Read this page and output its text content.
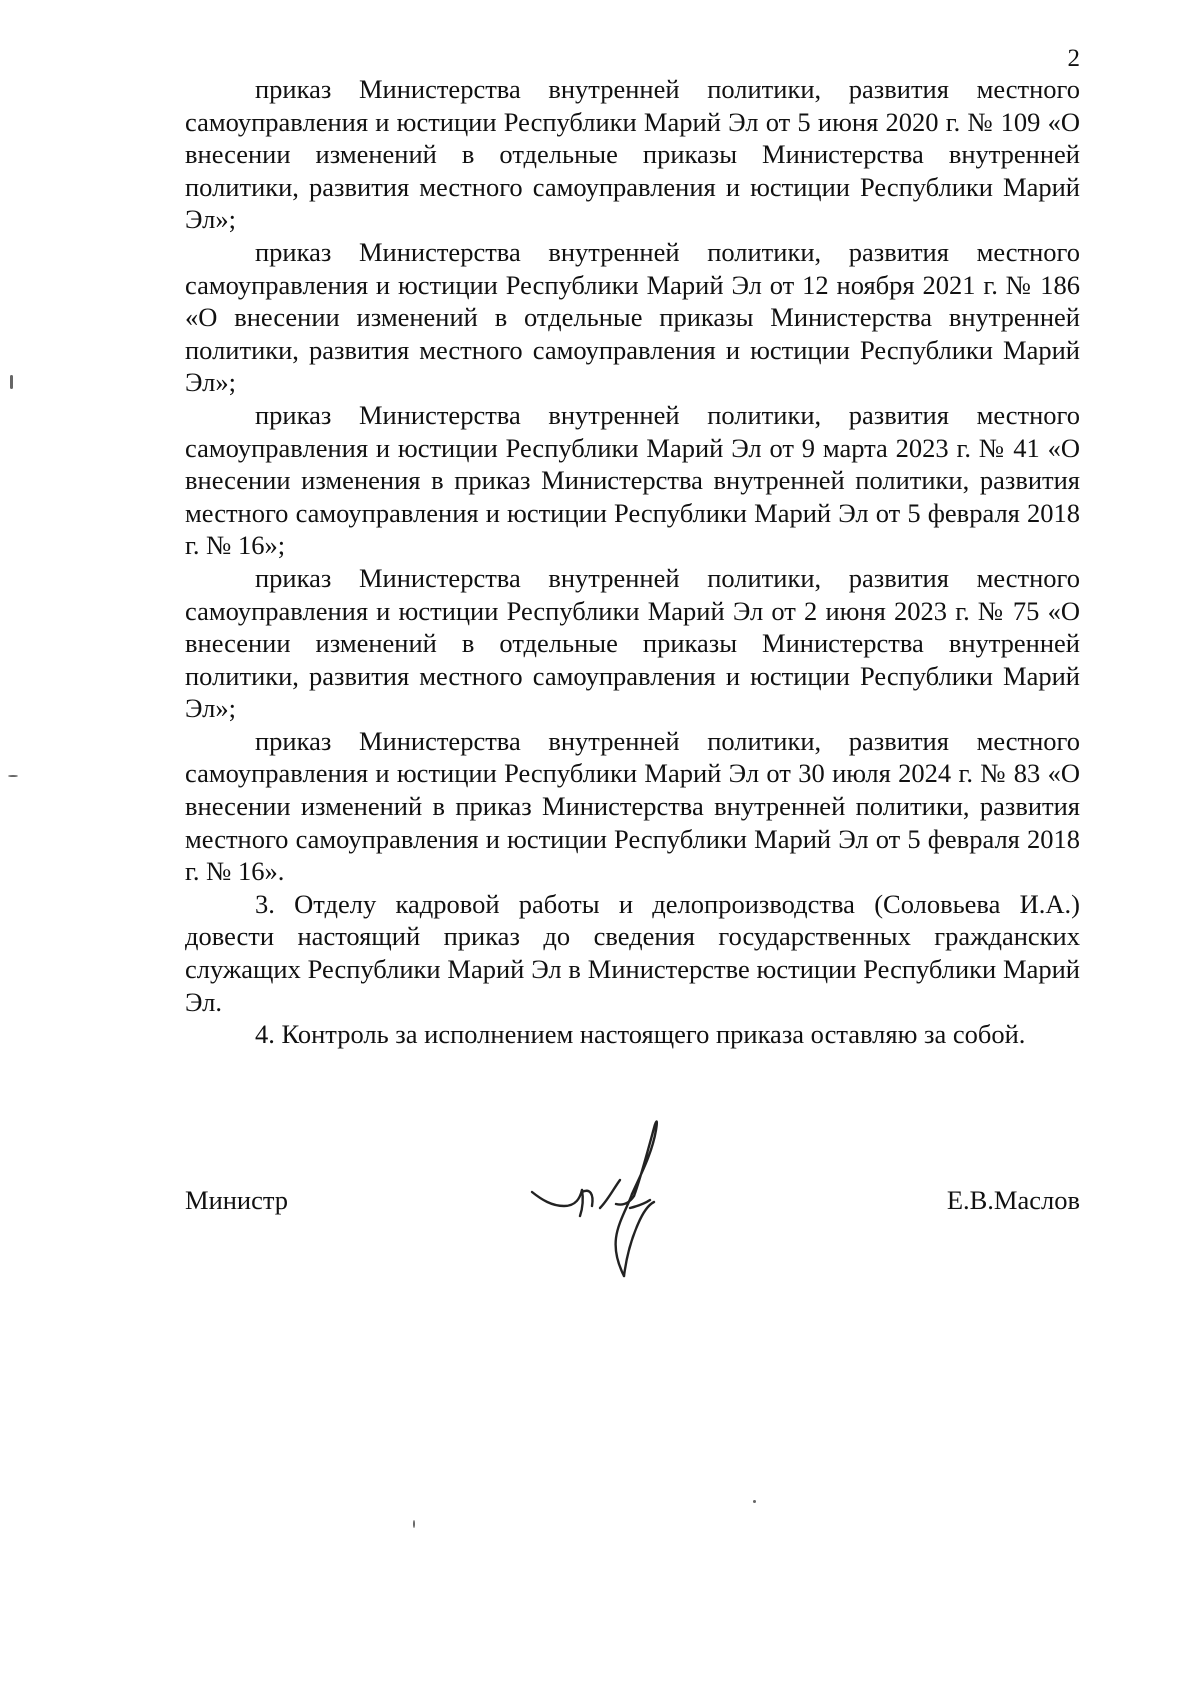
2

приказ Министерства внутренней политики, развития местного самоуправления и юстиции Республики Марий Эл от 5 июня 2020 г. № 109 «О внесении изменений в отдельные приказы Министерства внутренней политики, развития местного самоуправления и юстиции Республики Марий Эл»;

приказ Министерства внутренней политики, развития местного самоуправления и юстиции Республики Марий Эл от 12 ноября 2021 г. № 186 «О внесении изменений в отдельные приказы Министерства внутренней политики, развития местного самоуправления и юстиции Республики Марий Эл»;

приказ Министерства внутренней политики, развития местного самоуправления и юстиции Республики Марий Эл от 9 марта 2023 г. № 41 «О внесении изменения в приказ Министерства внутренней политики, развития местного самоуправления и юстиции Республики Марий Эл от 5 февраля 2018 г. № 16»;

приказ Министерства внутренней политики, развития местного самоуправления и юстиции Республики Марий Эл от 2 июня 2023 г. № 75 «О внесении изменений в отдельные приказы Министерства внутренней политики, развития местного самоуправления и юстиции Республики Марий Эл»;

приказ Министерства внутренней политики, развития местного самоуправления и юстиции Республики Марий Эл от 30 июля 2024 г. № 83 «О внесении изменений в приказ Министерства внутренней политики, развития местного самоуправления и юстиции Республики Марий Эл от 5 февраля 2018 г. № 16».

3. Отделу кадровой работы и делопроизводства (Соловьева И.А.) довести настоящий приказ до сведения государственных гражданских служащих Республики Марий Эл в Министерстве юстиции Республики Марий Эл.

4. Контроль за исполнением настоящего приказа оставляю за собой.

Министр	Е.В.Маслов
